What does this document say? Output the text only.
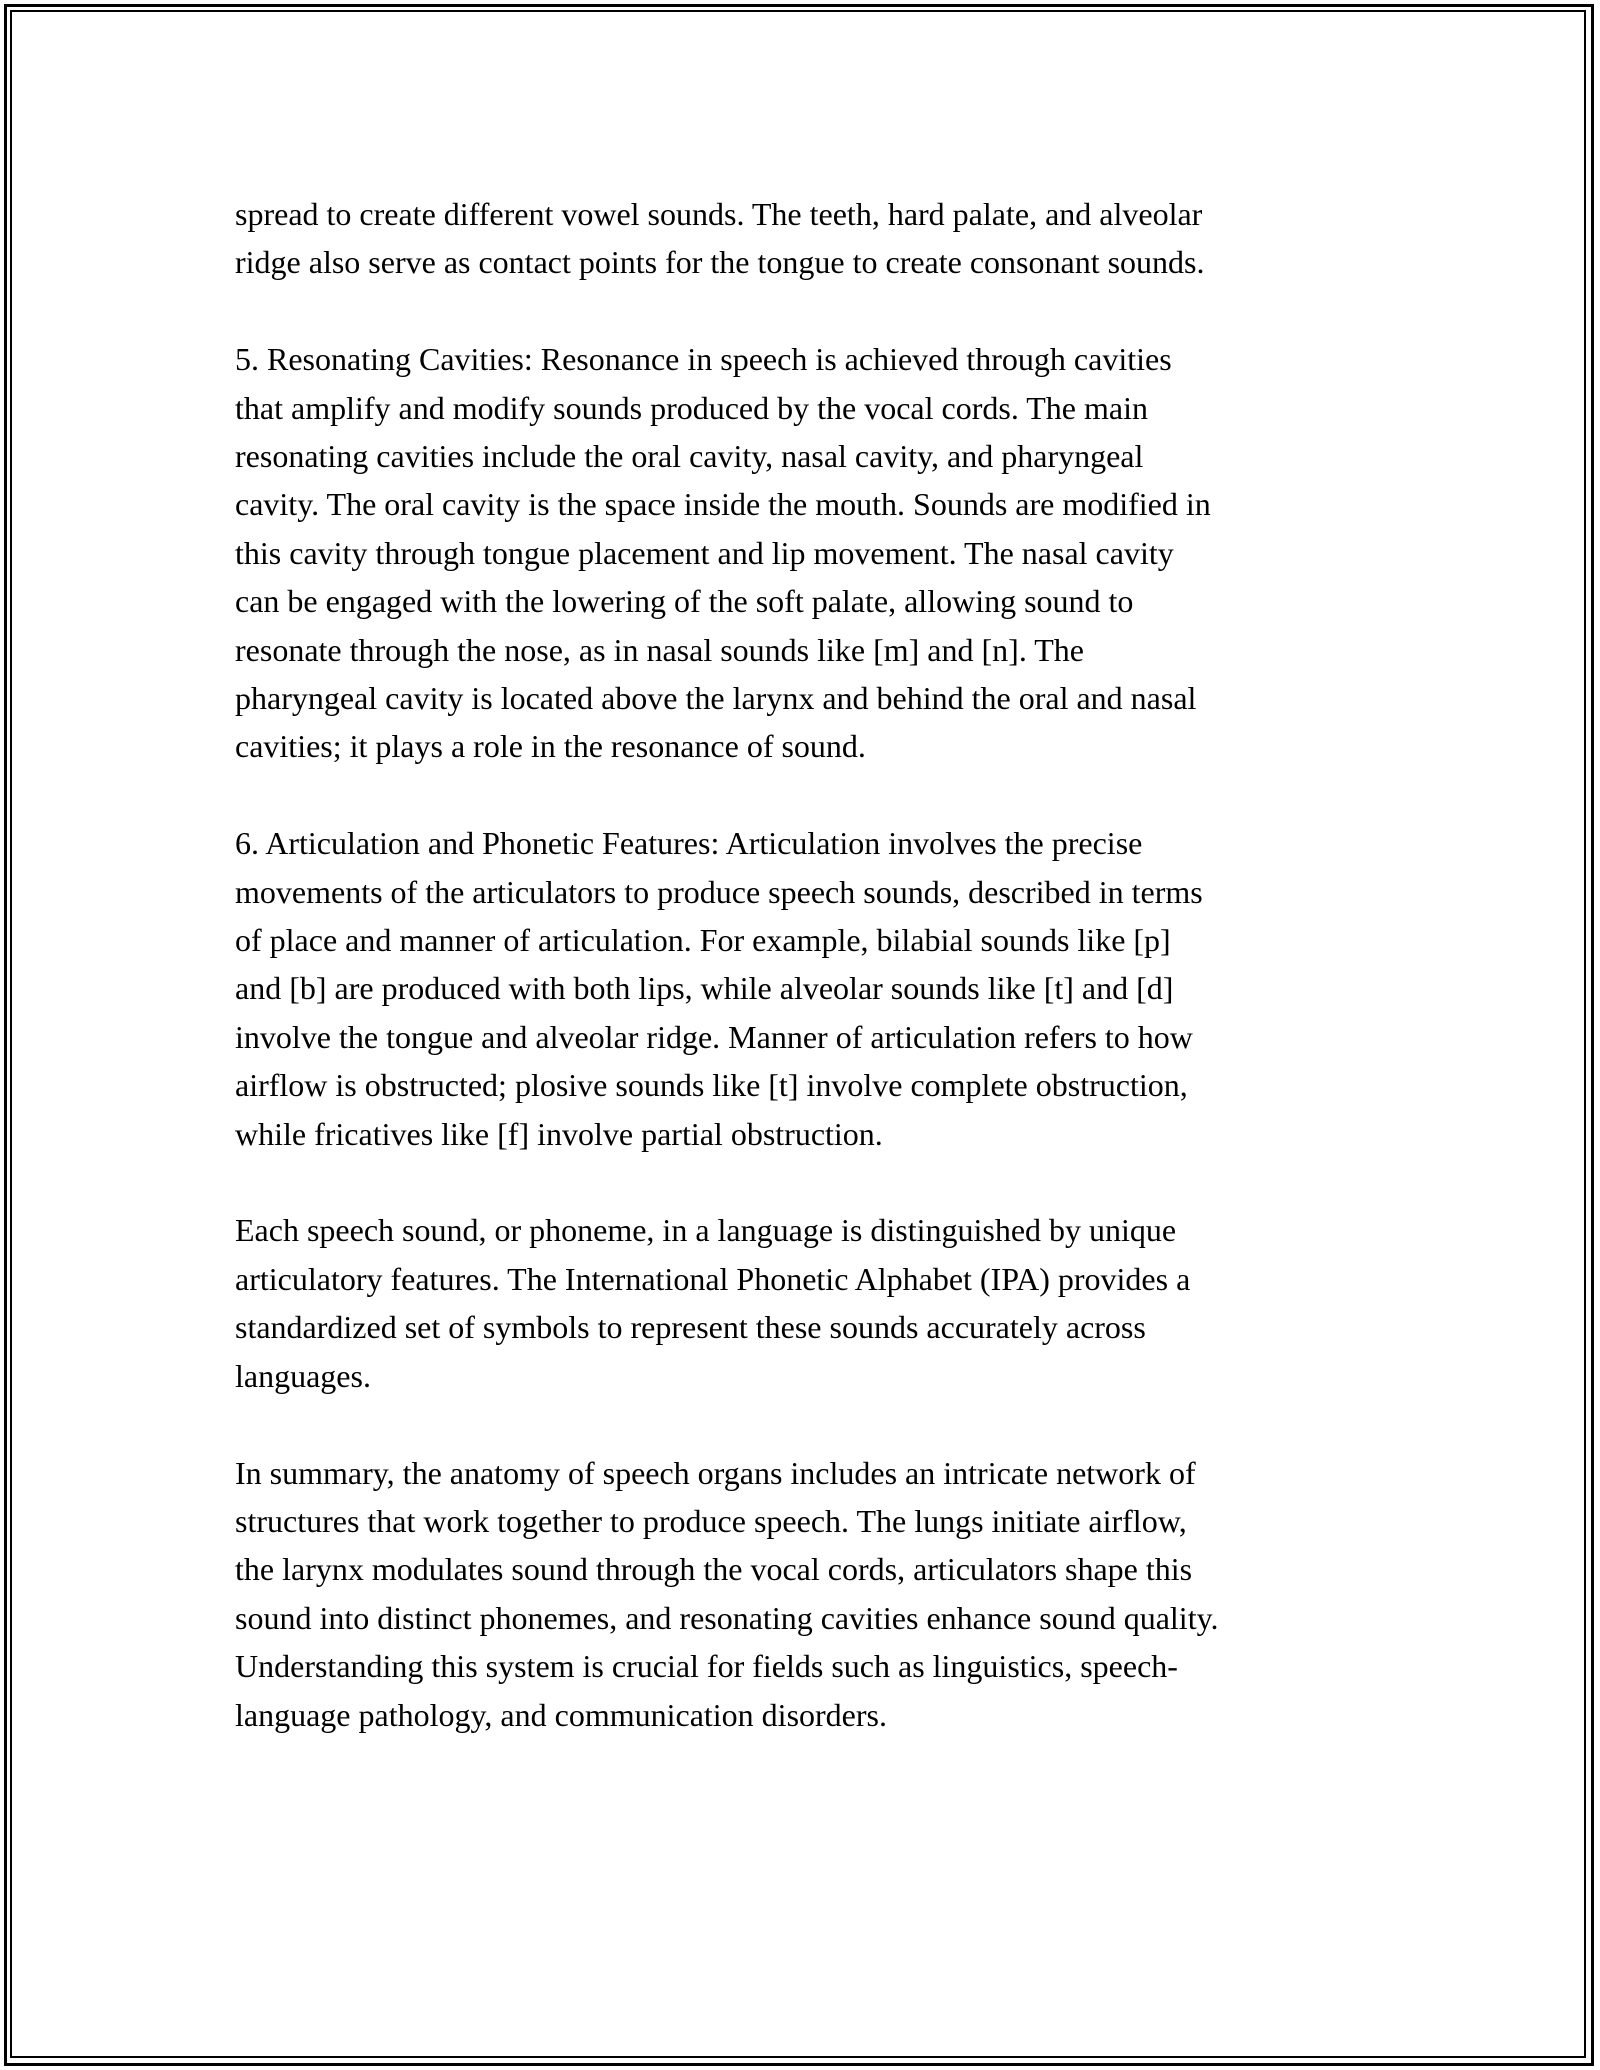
spread to create different vowel sounds. The teeth, hard palate, and alveolar
ridge also serve as contact points for the tongue to create consonant sounds.

5. Resonating Cavities: Resonance in speech is achieved through cavities
that amplify and modify sounds produced by the vocal cords. The main
resonating cavities include the oral cavity, nasal cavity, and pharyngeal
cavity. The oral cavity is the space inside the mouth. Sounds are modified in
this cavity through tongue placement and lip movement. The nasal cavity
can be engaged with the lowering of the soft palate, allowing sound to
resonate through the nose, as in nasal sounds like [m] and [n]. The
pharyngeal cavity is located above the larynx and behind the oral and nasal
cavities; it plays a role in the resonance of sound.

6. Articulation and Phonetic Features: Articulation involves the precise
movements of the articulators to produce speech sounds, described in terms
of place and manner of articulation. For example, bilabial sounds like [p]
and [b] are produced with both lips, while alveolar sounds like [t] and [d]
involve the tongue and alveolar ridge. Manner of articulation refers to how
airflow is obstructed; plosive sounds like [t] involve complete obstruction,
while fricatives like [f] involve partial obstruction.

Each speech sound, or phoneme, in a language is distinguished by unique
articulatory features. The International Phonetic Alphabet (IPA) provides a
standardized set of symbols to represent these sounds accurately across
languages.

In summary, the anatomy of speech organs includes an intricate network of
structures that work together to produce speech. The lungs initiate airflow,
the larynx modulates sound through the vocal cords, articulators shape this
sound into distinct phonemes, and resonating cavities enhance sound quality.
Understanding this system is crucial for fields such as linguistics, speech-
language pathology, and communication disorders.
